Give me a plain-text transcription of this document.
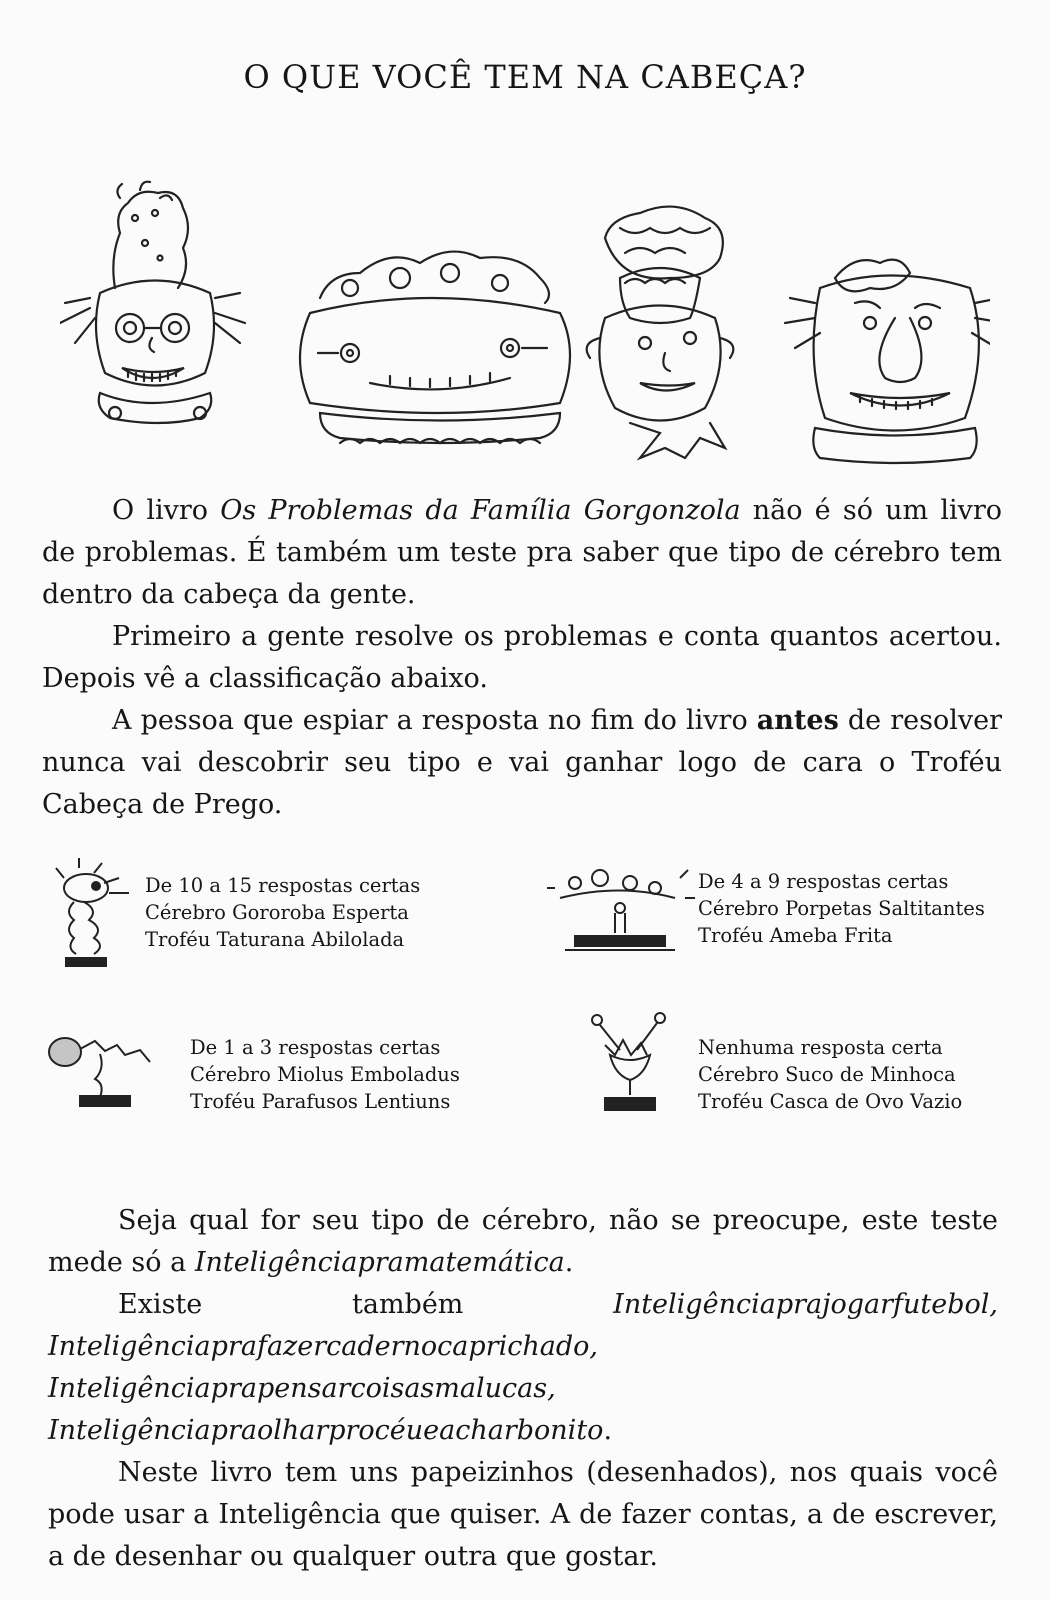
O QUE VOCÊ TEM NA CABEÇA?

O livro Os Problemas da Família Gorgonzola não é só um livro de problemas. É também um teste pra saber que tipo de cérebro tem dentro da cabeça da gente.

Primeiro a gente resolve os problemas e conta quantos acertou. Depois vê a classificação abaixo.

A pessoa que espiar a resposta no fim do livro antes de resolver nunca vai descobrir seu tipo e vai ganhar logo de cara o Troféu Cabeça de Prego.

De 10 a 15 respostas certas
Cérebro Gororoba Esperta
Troféu Taturana Abilolada
De 4 a 9 respostas certas
Cérebro Porpetas Saltitantes
Troféu Ameba Frita
De 1 a 3 respostas certas
Cérebro Miolus Emboladus
Troféu Parafusos Lentiuns
Nenhuma resposta certa
Cérebro Suco de Minhoca
Troféu Casca de Ovo Vazio

Seja qual for seu tipo de cérebro, não se preocupe, este teste mede só a Inteligênciapramatemática.

Existe também Inteligênciaprajogarfutebol, Inteligênciaprafazercadernocaprichado, Inteligênciaprapensarcoisasmalucas, Inteligênciapraolharprocéueacharbonito.

Neste livro tem uns papeizinhos (desenhados), nos quais você pode usar a Inteligência que quiser. A de fazer contas, a de escrever, a de desenhar ou qualquer outra que gostar.
